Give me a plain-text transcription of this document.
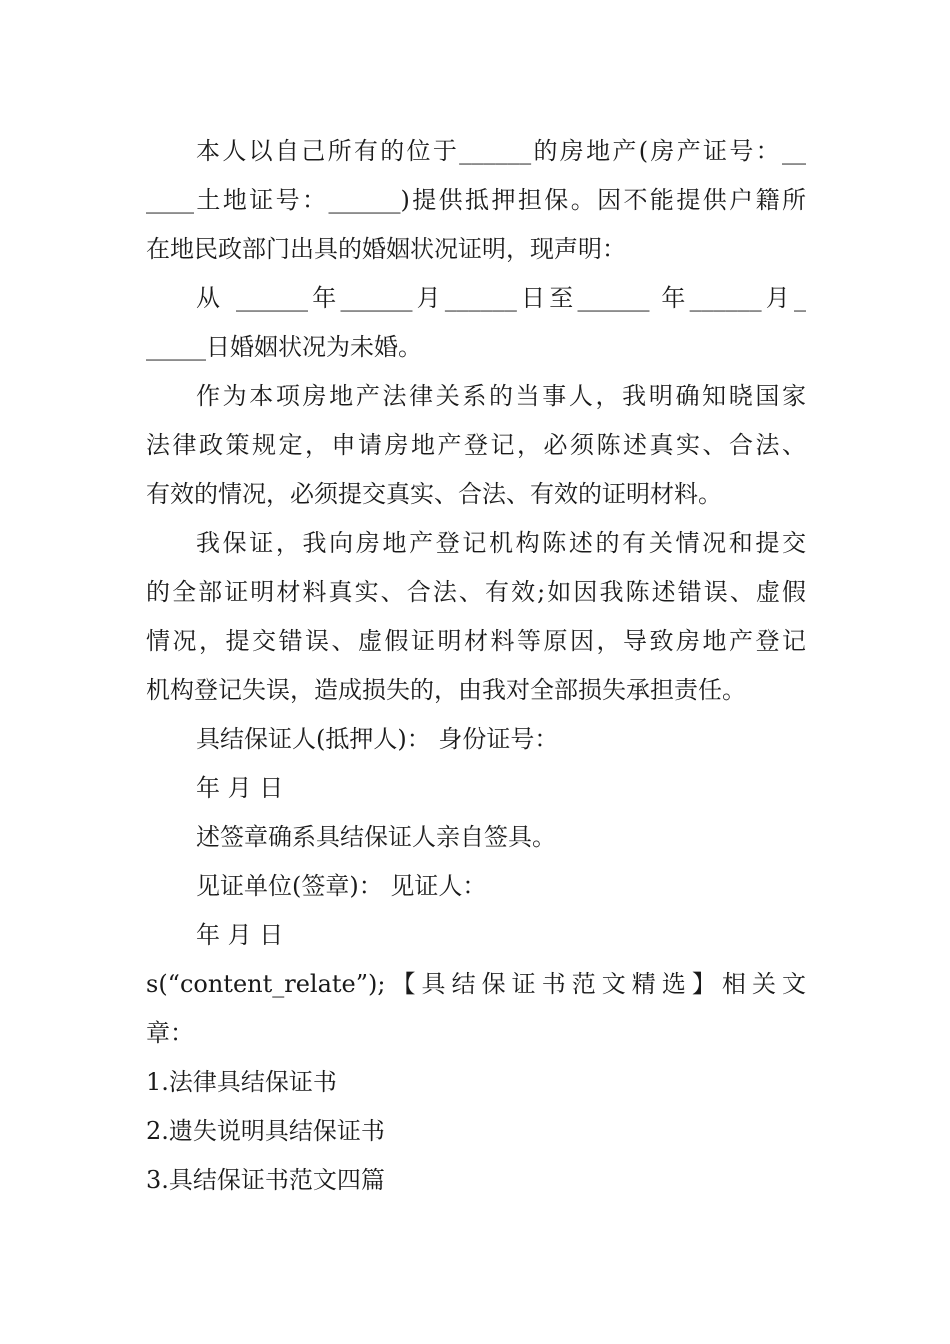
本人以自己所有的位于______的房地产(房产证号：__
____土地证号：______)提供抵押担保。因不能提供户籍所
在地民政部门出具的婚姻状况证明，现声明：
从 ______年______月______日至______ 年______月_
_____日婚姻状况为未婚。
作为本项房地产法律关系的当事人，我明确知晓国家
法律政策规定，申请房地产登记，必须陈述真实、合法、
有效的情况，必须提交真实、合法、有效的证明材料。
我保证，我向房地产登记机构陈述的有关情况和提交
的全部证明材料真实、合法、有效;如因我陈述错误、虚假
情况，提交错误、虚假证明材料等原因，导致房地产登记
机构登记失误，造成损失的，由我对全部损失承担责任。
具结保证人(抵押人)： 身份证号：
年 月 日
述签章确系具结保证人亲自签具。
见证单位(签章)： 见证人：
年 月 日
s(“content_relate”);【具结保证书范文精选】相关文
章：
1.法律具结保证书
2.遗失说明具结保证书
3.具结保证书范文四篇
